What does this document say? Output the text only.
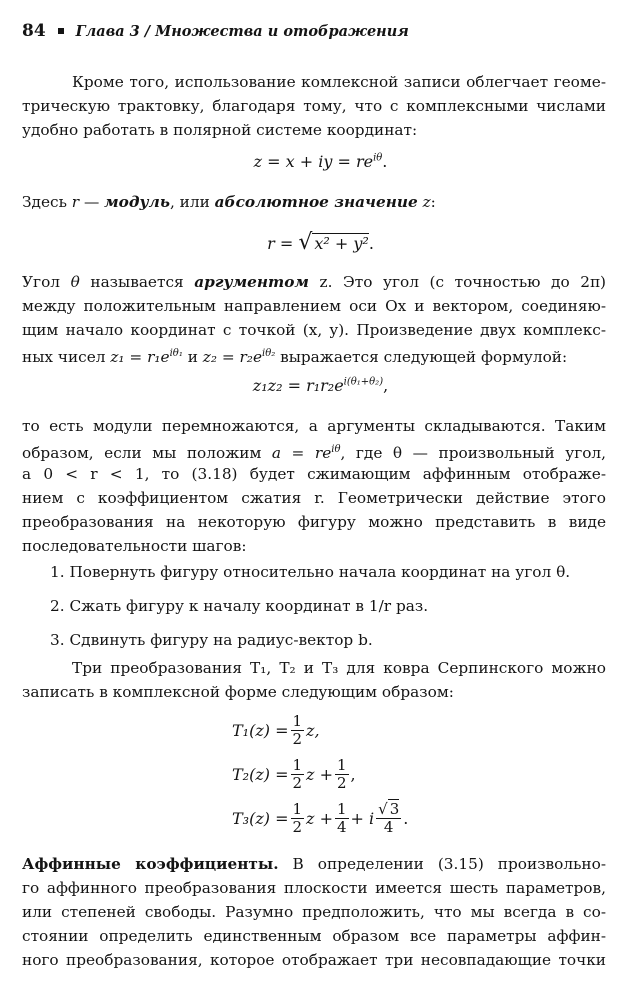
84 Глава 3 / Множества и отображения
Кроме того, использование комлексной записи облегчает геоме-
трическую трактовку, благодаря тому, что с комплексными числами
удобно работать в полярной системе координат:
z = x + iy = $re^{i\theta}$.
Здесь r — модуль, или абсолютное значение z:
r = √ x² + y².
Угол θ называется аргументом z. Это угол (с точностью до 2π)
между положительным направлением оси Ox и вектором, соединяю-
щим начало координат с точкой (x, y). Произведение двух комплекс-
ных чисел $z_1 = r_1e^{i\theta_1}$ и $z_2 = r_2e^{i\theta_2}$ выражается следующей формулой:
$z_1z_2 = r_1r_2e^{i(\theta_1+\theta_2)}$,
то есть модули перемножаются, а аргументы складываются. Таким
образом, если мы положим $a = re^{i\theta}$, где θ — произвольный угол,
а 0 < r < 1, то (3.18) будет сжимающим аффинным отображе-
нием с коэффициентом сжатия r. Геометрически действие этого
преобразования на некоторую фигуру можно представить в виде
последовательности шагов:
1. Повернуть фигуру относительно начала координат на угол θ.
2. Сжать фигуру к началу координат в 1/r раз.
3. Сдвинуть фигуру на радиус-вектор b.
Три преобразования T₁, T₂ и T₃ для ковра Серпинского можно
записать в комплексной форме следующим образом:
$T_1(z) = \frac{1}{2} z$,
$T_2(z) = \frac{1}{2}$ $z + \frac{1}{2}$ ,
$T_3(z) = \frac{1}{2}$ $z + \frac{1}{4} + i \frac{√ 3}{4}$ .
Аффинные коэффициенты. В определении (3.15) произвольно-
го аффинного преобразования плоскости имеется шесть параметров,
или степеней свободы. Разумно предположить, что мы всегда в со-
стоянии определить единственным образом все параметры аффин-
ного преобразования, которое отображает три несовпадающие точки
